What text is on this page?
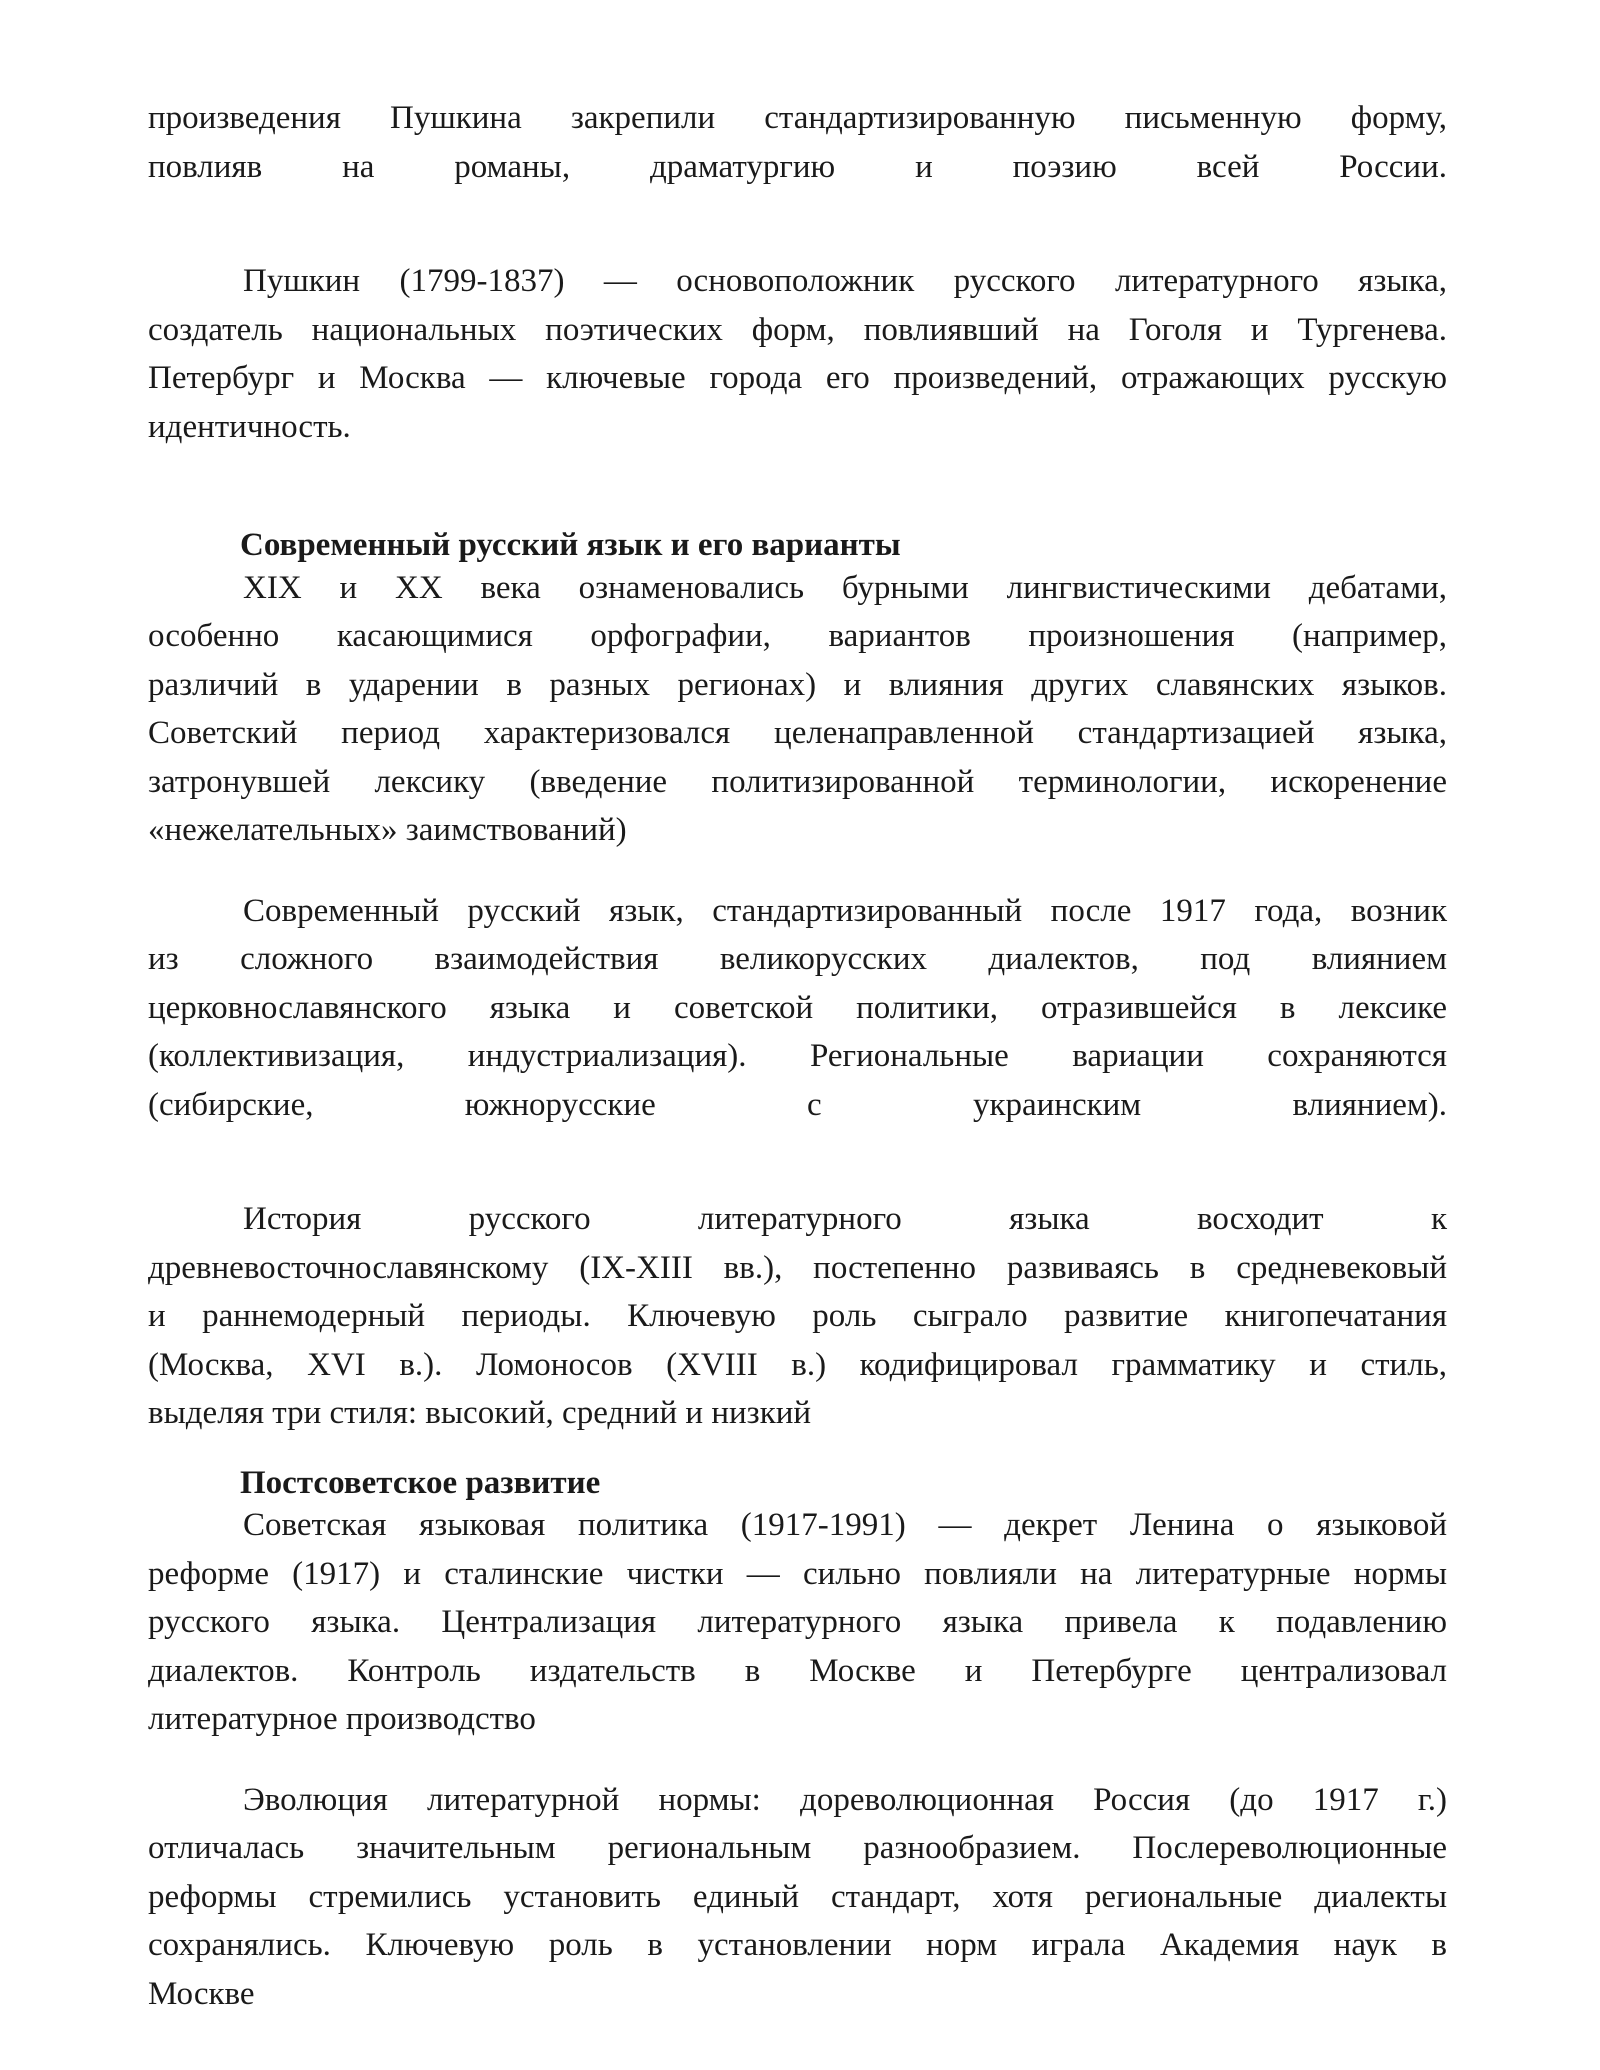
произведения Пушкина закрепили стандартизированную письменную форму,
повлияв на романы, драматургию и поэзию всей России.
Пушкин (1799-1837) — основоположник русского литературного языка,
создатель национальных поэтических форм, повлиявший на Гоголя и Тургенева.
Петербург и Москва — ключевые города его произведений, отражающих русскую
идентичность.
Современный русский язык и его варианты
XIX и XX века ознаменовались бурными лингвистическими дебатами,
особенно касающимися орфографии, вариантов произношения (например,
различий в ударении в разных регионах) и влияния других славянских языков.
Советский период характеризовался целенаправленной стандартизацией языка,
затронувшей лексику (введение политизированной терминологии, искоренение
«нежелательных» заимствований)
Современный русский язык, стандартизированный после 1917 года, возник
из сложного взаимодействия великорусских диалектов, под влиянием
церковнославянского языка и советской политики, отразившейся в лексике
(коллективизация, индустриализация). Региональные вариации сохраняются
(сибирские, южнорусские с украинским влиянием).
История русского литературного языка восходит к
древневосточнославянскому (IX-XIII вв.), постепенно развиваясь в средневековый
и раннемодерный периоды. Ключевую роль сыграло развитие книгопечатания
(Москва, XVI в.). Ломоносов (XVIII в.) кодифицировал грамматику и стиль,
выделяя три стиля: высокий, средний и низкий
Постсоветское развитие
Советская языковая политика (1917-1991) — декрет Ленина о языковой
реформе (1917) и сталинские чистки — сильно повлияли на литературные нормы
русского языка. Централизация литературного языка привела к подавлению
диалектов. Контроль издательств в Москве и Петербурге централизовал
литературное производство
Эволюция литературной нормы: дореволюционная Россия (до 1917 г.)
отличалась значительным региональным разнообразием. Послереволюционные
реформы стремились установить единый стандарт, хотя региональные диалекты
сохранялись. Ключевую роль в установлении норм играла Академия наук в
Москве
